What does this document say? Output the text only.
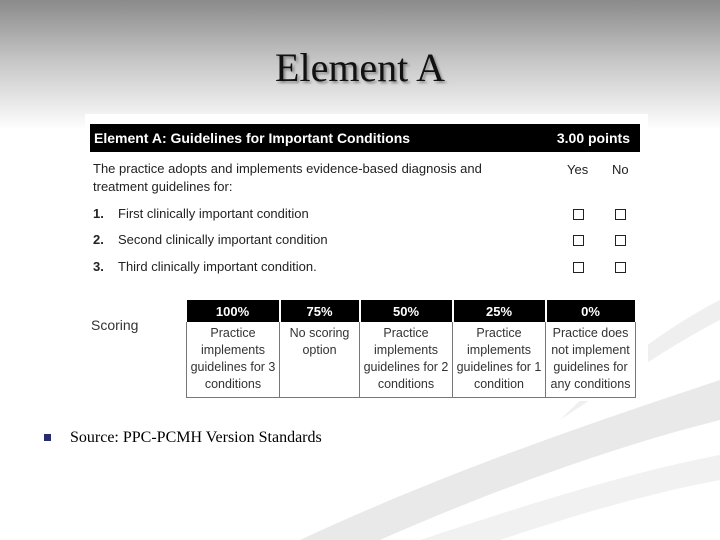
Element A
Element A: Guidelines for Important Conditions	3.00 points
The practice adopts and implements evidence-based diagnosis and treatment guidelines for:
Yes No
1. First clinically important condition
2. Second clinically important condition
3. Third clinically important condition.
Scoring
100%	75%	50%	25%	0%
Practice implements guidelines for 3 conditions	No scoring option	Practice implements guidelines for 2 conditions	Practice implements guidelines for 1 condition	Practice does not implement guidelines for any conditions
Source: PPC-PCMH Version Standards
